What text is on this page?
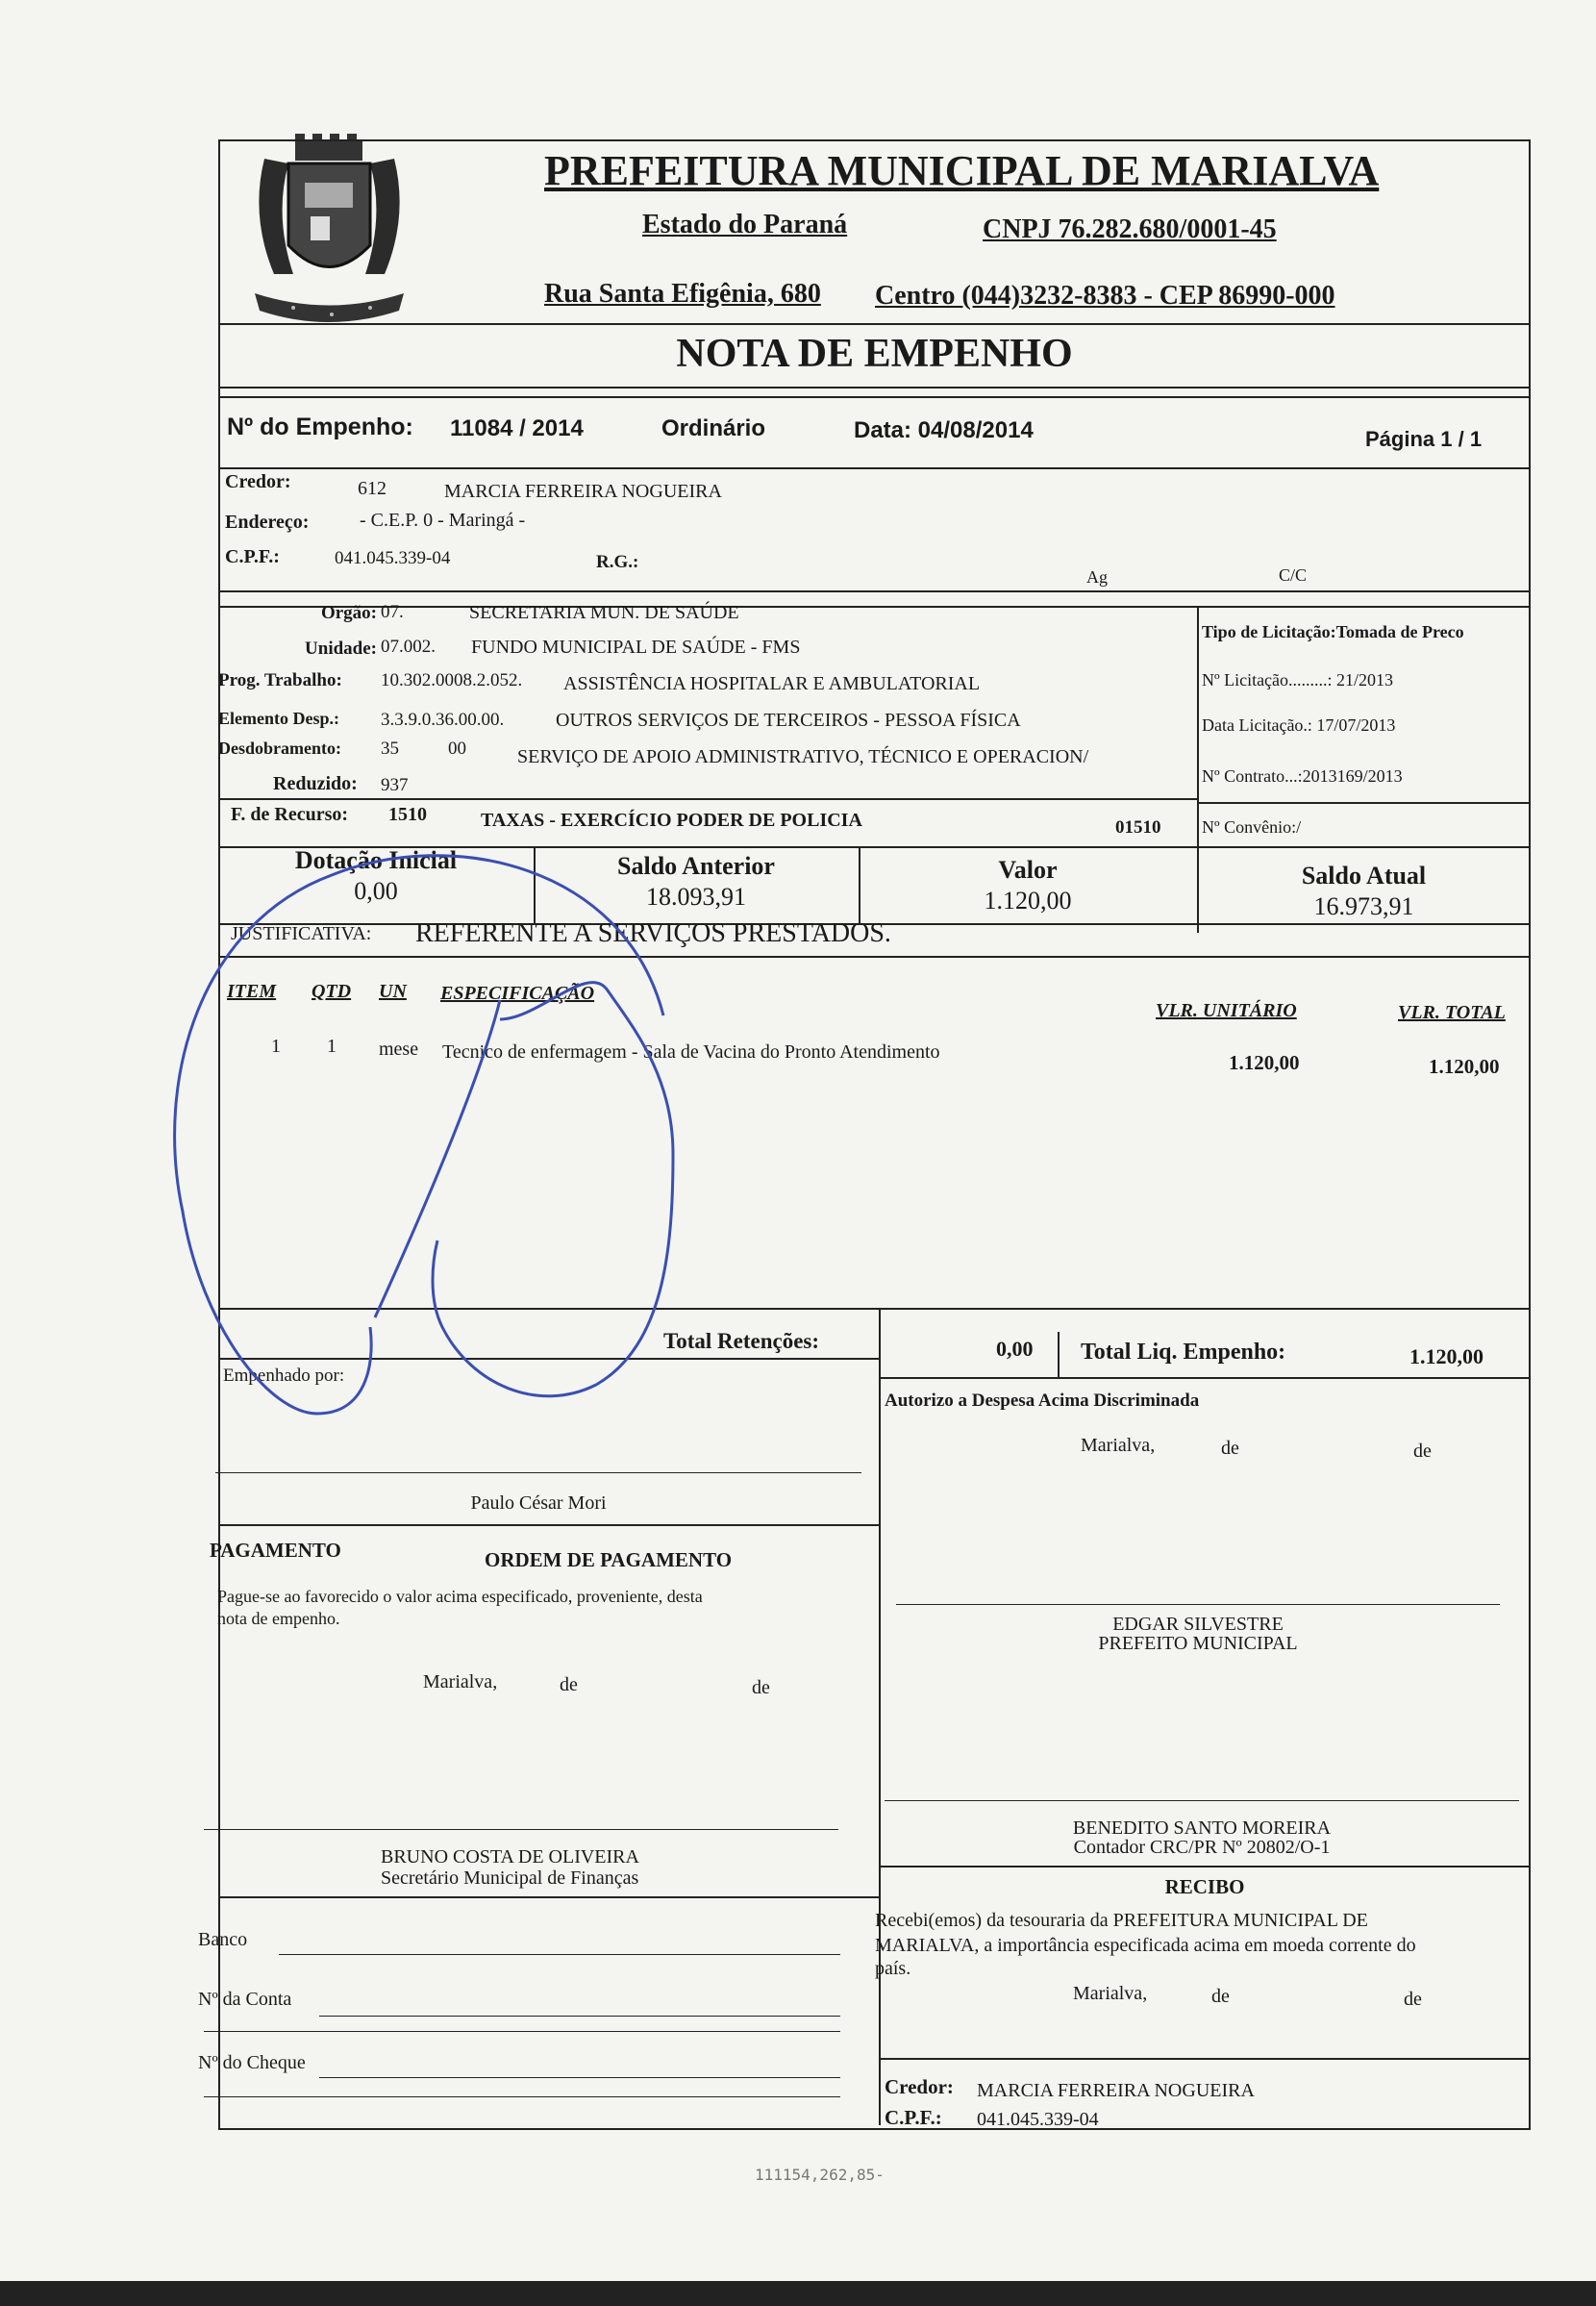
PREFEITURA MUNICIPAL DE MARIALVA
Estado do Paraná	CNPJ 76.282.680/0001-45
Rua Santa Efigênia, 680 Centro (044)3232-8383 - CEP 86990-000
NOTA DE EMPENHO
Nº do Empenho: 11084 / 2014	Ordinário	Data: 04/08/2014	Página 1 / 1
Credor:	612	MARCIA FERREIRA NOGUEIRA
Endereço:	- C.E.P. 0 - Maringá -
C.P.F.:	041.045.339-04	R.G.:
Ag	C/C
Orgão: 07.	SECRETARIA MUN. DE SAÚDE
Unidade: 07.002. FUNDO MUNICIPAL DE SAÚDE - FMS
Prog. Trabalho: 10.302.0008.2.052. ASSISTÊNCIA HOSPITALAR E AMBULATORIAL
Elemento Desp.: 3.3.9.0.36.00.00.	OUTROS SERVIÇOS DE TERCEIROS - PESSOA FÍSICA
Desdobramento: 35	00	SERVIÇO DE APOIO ADMINISTRATIVO, TÉCNICO E OPERACION/
Reduzido: 937
F. de Recurso: 1510	TAXAS - EXERCÍCIO PODER DE POLICIA	01510
Tipo de Licitação:Tomada de Preco
Nº Licitação.........: 21/2013
Data Licitação.: 17/07/2013
Nº Contrato...:2013169/2013
Nº Convênio:/
Dotação Inicial
0,00
Saldo Anterior
18.093,91
Valor
1.120,00
Saldo Atual
16.973,91
JUSTIFICATIVA: REFERENTE A SERVIÇOS PRESTADOS.
ITEM QTD UN ESPECIFICAÇÃO
VLR. UNITÁRIO	VLR. TOTAL
1 1 mese Tecnico de enfermagem - Sala de Vacina do Pronto Atendimento	1.120,00	1.120,00
Total Retenções:	0,00 Total Liq. Empenho:	1.120,00
Empenhado por:
Paulo César Mori
Autorizo a Despesa Acima Discriminada
Marialva,	de	de
PAGAMENTO	ORDEM DE PAGAMENTO
Pague-se ao favorecido o valor acima especificado, proveniente, desta
nota de empenho.
Marialva,	de	de
EDGAR SILVESTRE
PREFEITO MUNICIPAL
BENEDITO SANTO MOREIRA
Contador CRC/PR Nº 20802/O-1
BRUNO COSTA DE OLIVEIRA
Secretário Municipal de Finanças	RECIBO
Recebi(emos) da tesouraria da PREFEITURA MUNICIPAL DE
MARIALVA, a importância especificada acima em moeda corrente do
país.
Marialva,	de	de
Banco
Nº da Conta
Nº do Cheque
Credor: MARCIA FERREIRA NOGUEIRA
C.P.F.: 041.045.339-04
111154,262,85-
